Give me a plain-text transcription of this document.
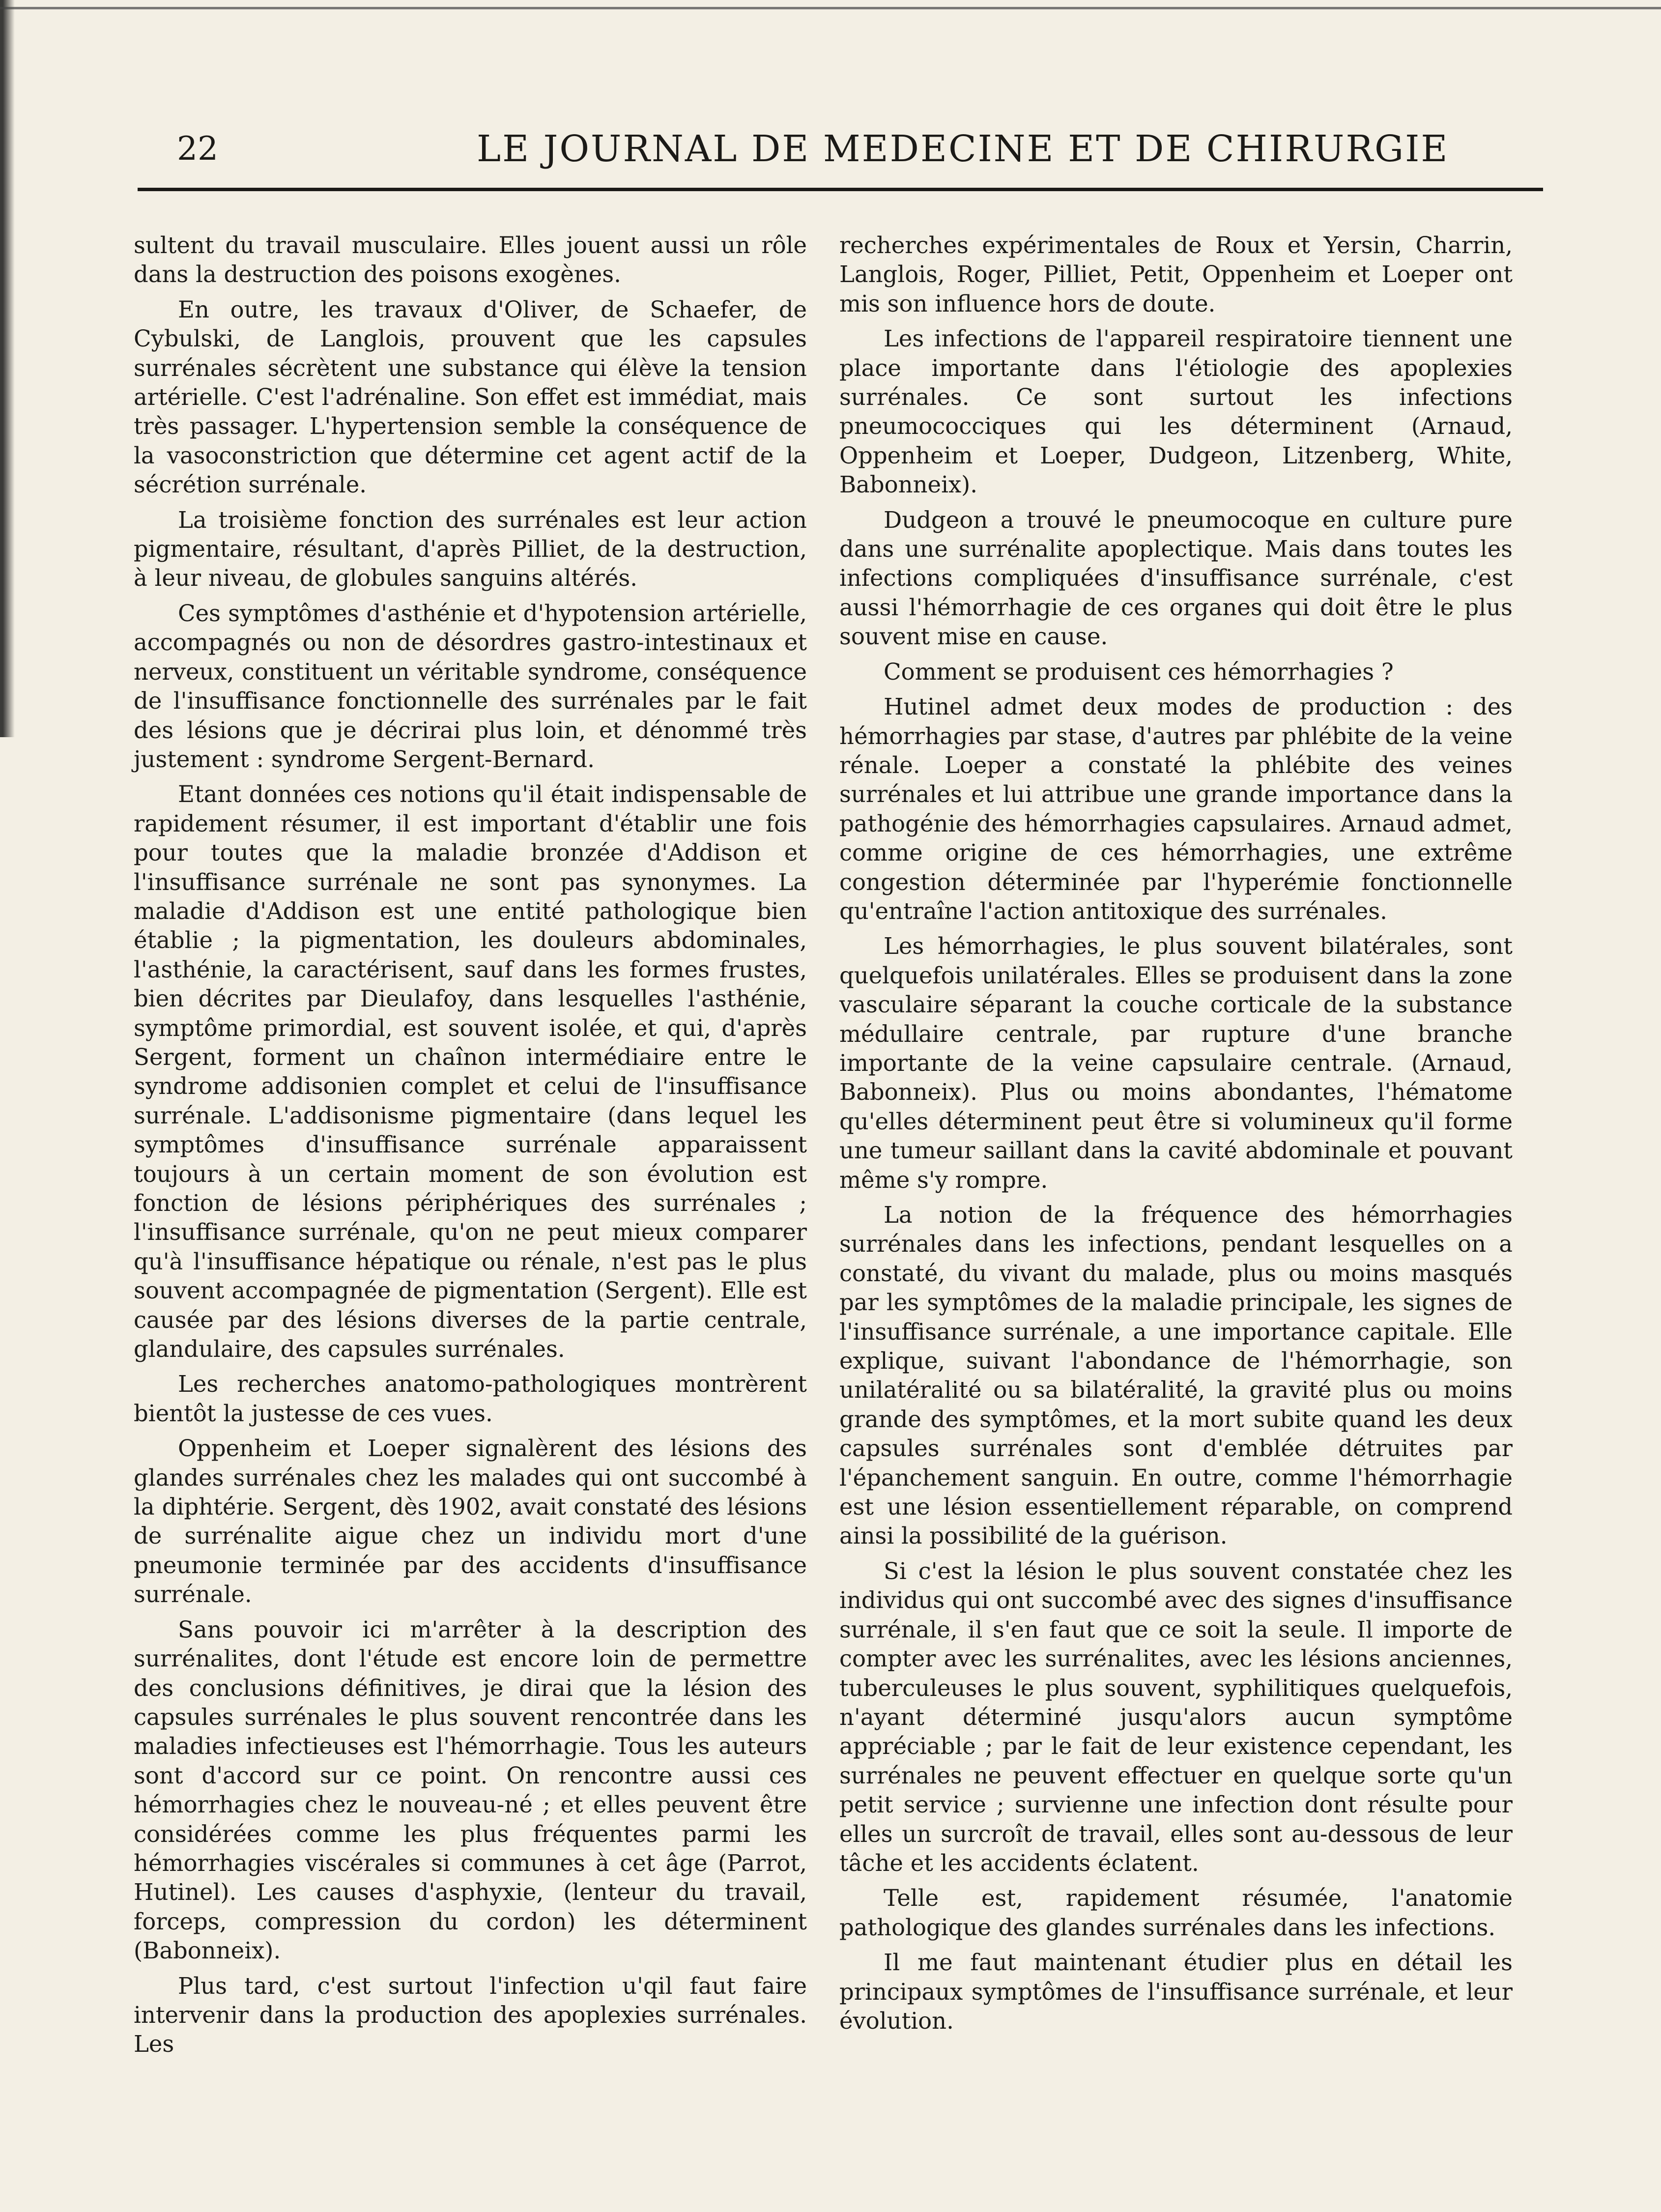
22	LE JOURNAL DE MEDECINE ET DE CHIRURGIE

sultent du travail musculaire. Elles jouent aussi un rôle dans la destruction des poisons exogènes.

En outre, les travaux d'Oliver, de Schaefer, de Cybulski, de Langlois, prouvent que les capsules surrénales sécrètent une substance qui élève la tension artérielle. C'est l'adrénaline. Son effet est immédiat, mais très passager. L'hypertension semble la conséquence de la vasoconstriction que détermine cet agent actif de la sécrétion surrénale.

La troisième fonction des surrénales est leur action pigmentaire, résultant, d'après Pilliet, de la destruction, à leur niveau, de globules sanguins altérés.

Ces symptômes d'asthénie et d'hypotension artérielle, accompagnés ou non de désordres gastro-intestinaux et nerveux, constituent un véritable syndrome, conséquence de l'insuffisance fonctionnelle des surrénales par le fait des lésions que je décrirai plus loin, et dénommé très justement : syndrome Sergent-Bernard.

Etant données ces notions qu'il était indispensable de rapidement résumer, il est important d'établir une fois pour toutes que la maladie bronzée d'Addison et l'insuffisance surrénale ne sont pas synonymes. La maladie d'Addison est une entité pathologique bien établie ; la pigmentation, les douleurs abdominales, l'asthénie, la caractérisent, sauf dans les formes frustes, bien décrites par Dieulafoy, dans lesquelles l'asthénie, symptôme primordial, est souvent isolée, et qui, d'après Sergent, forment un chaînon intermédiaire entre le syndrome addisonien complet et celui de l'insuffisance surrénale. L'addisonisme pigmentaire (dans lequel les symptômes d'insuffisance surrénale apparaissent toujours à un certain moment de son évolution est fonction de lésions périphériques des surrénales ; l'insuffisance surrénale, qu'on ne peut mieux comparer qu'à l'insuffisance hépatique ou rénale, n'est pas le plus souvent accompagnée de pigmentation (Sergent). Elle est causée par des lésions diverses de la partie centrale, glandulaire, des capsules surrénales.

Les recherches anatomo-pathologiques montrèrent bientôt la justesse de ces vues.

Oppenheim et Loeper signalèrent des lésions des glandes surrénales chez les malades qui ont succombé à la diphtérie. Sergent, dès 1902, avait constaté des lésions de surrénalite aigue chez un individu mort d'une pneumonie terminée par des accidents d'insuffisance surrénale.

Sans pouvoir ici m'arrêter à la description des surrénalites, dont l'étude est encore loin de permettre des conclusions définitives, je dirai que la lésion des capsules surrénales le plus souvent rencontrée dans les maladies infectieuses est l'hémorrhagie. Tous les auteurs sont d'accord sur ce point. On rencontre aussi ces hémorrhagies chez le nouveau-né ; et elles peuvent être considérées comme les plus fréquentes parmi les hémorrhagies viscérales si communes à cet âge (Parrot, Hutinel). Les causes d'asphyxie, (lenteur du travail, forceps, compression du cordon) les déterminent (Babonneix).

Plus tard, c'est surtout l'infection u'qil faut faire intervenir dans la production des apoplexies surrénales. Les

recherches expérimentales de Roux et Yersin, Charrin, Langlois, Roger, Pilliet, Petit, Oppenheim et Loeper ont mis son influence hors de doute.

Les infections de l'appareil respiratoire tiennent une place importante dans l'étiologie des apoplexies surrénales. Ce sont surtout les infections pneumococciques qui les déterminent (Arnaud, Oppenheim et Loeper, Dudgeon, Litzenberg, White, Babonneix).

Dudgeon a trouvé le pneumocoque en culture pure dans une surrénalite apoplectique. Mais dans toutes les infections compliquées d'insuffisance surrénale, c'est aussi l'hémorrhagie de ces organes qui doit être le plus souvent mise en cause.

Comment se produisent ces hémorrhagies ?

Hutinel admet deux modes de production : des hémorrhagies par stase, d'autres par phlébite de la veine rénale. Loeper a constaté la phlébite des veines surrénales et lui attribue une grande importance dans la pathogénie des hémorrhagies capsulaires. Arnaud admet, comme origine de ces hémorrhagies, une extrême congestion déterminée par l'hyperémie fonctionnelle qu'entraîne l'action antitoxique des surrénales.

Les hémorrhagies, le plus souvent bilatérales, sont quelquefois unilatérales. Elles se produisent dans la zone vasculaire séparant la couche corticale de la substance médullaire centrale, par rupture d'une branche importante de la veine capsulaire centrale. (Arnaud, Babonneix). Plus ou moins abondantes, l'hématome qu'elles déterminent peut être si volumineux qu'il forme une tumeur saillant dans la cavité abdominale et pouvant même s'y rompre.

La notion de la fréquence des hémorrhagies surrénales dans les infections, pendant lesquelles on a constaté, du vivant du malade, plus ou moins masqués par les symptômes de la maladie principale, les signes de l'insuffisance surrénale, a une importance capitale. Elle explique, suivant l'abondance de l'hémorrhagie, son unilatéralité ou sa bilatéralité, la gravité plus ou moins grande des symptômes, et la mort subite quand les deux capsules surrénales sont d'emblée détruites par l'épanchement sanguin. En outre, comme l'hémorrhagie est une lésion essentiellement réparable, on comprend ainsi la possibilité de la guérison.

Si c'est la lésion le plus souvent constatée chez les individus qui ont succombé avec des signes d'insuffisance surrénale, il s'en faut que ce soit la seule. Il importe de compter avec les surrénalites, avec les lésions anciennes, tuberculeuses le plus souvent, syphilitiques quelquefois, n'ayant déterminé jusqu'alors aucun symptôme appréciable ; par le fait de leur existence cependant, les surrénales ne peuvent effectuer en quelque sorte qu'un petit service ; survienne une infection dont résulte pour elles un surcroît de travail, elles sont au-dessous de leur tâche et les accidents éclatent.

Telle est, rapidement résumée, l'anatomie pathologique des glandes surrénales dans les infections.

Il me faut maintenant étudier plus en détail les principaux symptômes de l'insuffisance surrénale, et leur évolution.
